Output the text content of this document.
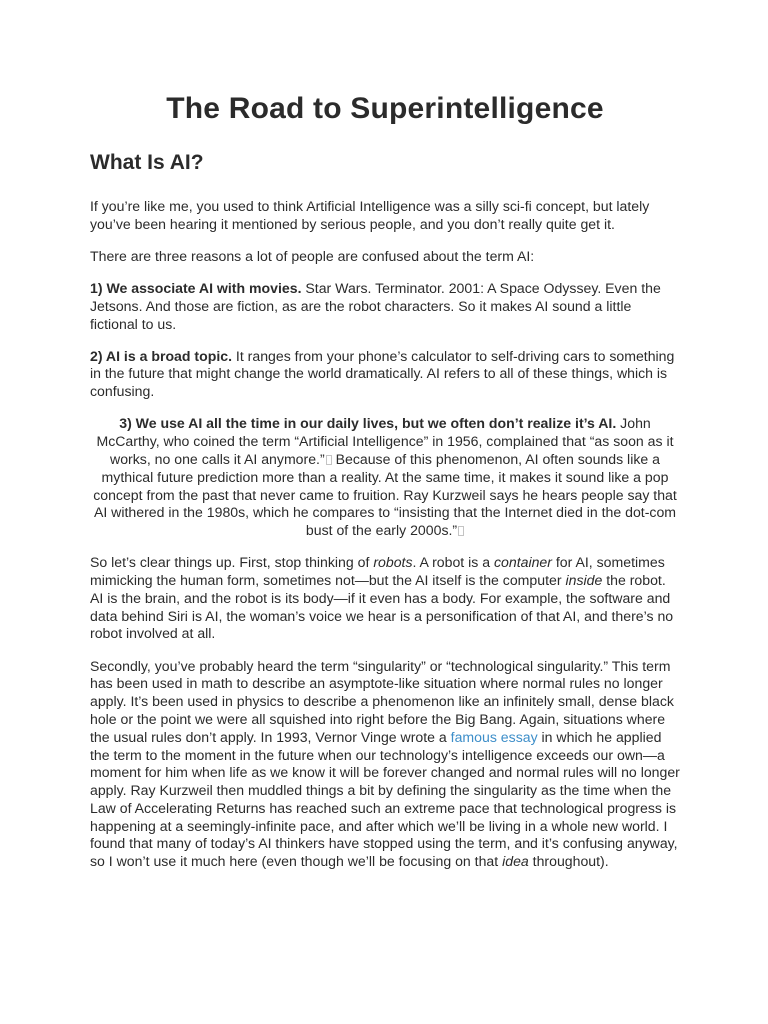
The Road to Superintelligence
What Is AI?

If you’re like me, you used to think Artificial Intelligence was a silly sci-fi concept, but lately you’ve been hearing it mentioned by serious people, and you don’t really quite get it.

There are three reasons a lot of people are confused about the term AI:

1) We associate AI with movies. Star Wars. Terminator. 2001: A Space Odyssey. Even the Jetsons. And those are fiction, as are the robot characters. So it makes AI sound a little fictional to us.

2) AI is a broad topic. It ranges from your phone’s calculator to self-driving cars to something in the future that might change the world dramatically. AI refers to all of these things, which is confusing.

3) We use AI all the time in our daily lives, but we often don’t realize it’s AI. John McCarthy, who coined the term “Artificial Intelligence” in 1956, complained that “as soon as it works, no one calls it AI anymore.” Because of this phenomenon, AI often sounds like a mythical future prediction more than a reality. At the same time, it makes it sound like a pop concept from the past that never came to fruition. Ray Kurzweil says he hears people say that AI withered in the 1980s, which he compares to “insisting that the Internet died in the dot-com bust of the early 2000s.”

So let’s clear things up. First, stop thinking of robots. A robot is a container for AI, sometimes mimicking the human form, sometimes not—but the AI itself is the computer inside the robot. AI is the brain, and the robot is its body—if it even has a body. For example, the software and data behind Siri is AI, the woman’s voice we hear is a personification of that AI, and there’s no robot involved at all.

Secondly, you’ve probably heard the term “singularity” or “technological singularity.” This term has been used in math to describe an asymptote-like situation where normal rules no longer apply. It’s been used in physics to describe a phenomenon like an infinitely small, dense black hole or the point we were all squished into right before the Big Bang. Again, situations where the usual rules don’t apply. In 1993, Vernor Vinge wrote a famous essay in which he applied the term to the moment in the future when our technology’s intelligence exceeds our own—a moment for him when life as we know it will be forever changed and normal rules will no longer apply. Ray Kurzweil then muddled things a bit by defining the singularity as the time when the Law of Accelerating Returns has reached such an extreme pace that technological progress is happening at a seemingly-infinite pace, and after which we’ll be living in a whole new world. I found that many of today’s AI thinkers have stopped using the term, and it’s confusing anyway, so I won’t use it much here (even though we’ll be focusing on that idea throughout).
